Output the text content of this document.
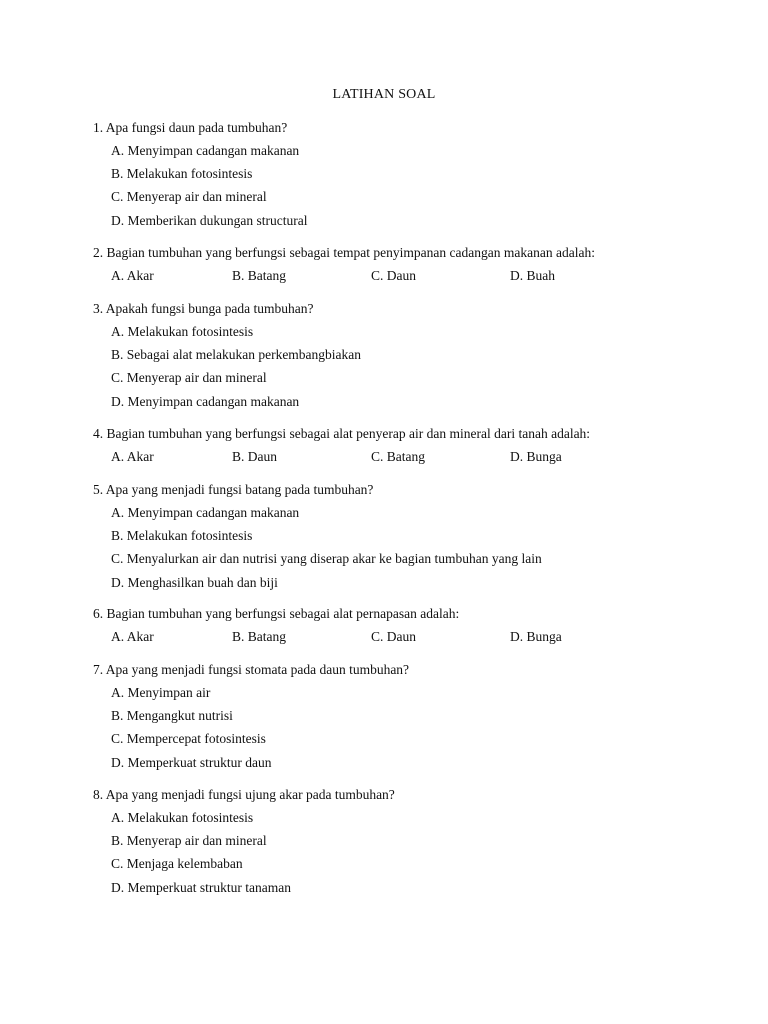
LATIHAN SOAL
1. Apa fungsi daun pada tumbuhan?
A. Menyimpan cadangan makanan
B. Melakukan fotosintesis
C. Menyerap air dan mineral
D. Memberikan dukungan structural
2. Bagian tumbuhan yang berfungsi sebagai tempat penyimpanan cadangan makanan adalah:
A. Akar	B. Batang	C. Daun	D. Buah
3. Apakah fungsi bunga pada tumbuhan?
A. Melakukan fotosintesis
B. Sebagai alat melakukan perkembangbiakan
C. Menyerap air dan mineral
D. Menyimpan cadangan makanan
4. Bagian tumbuhan yang berfungsi sebagai alat penyerap air dan mineral dari tanah adalah:
A. Akar	B. Daun	C. Batang	D. Bunga
5. Apa yang menjadi fungsi batang pada tumbuhan?
A. Menyimpan cadangan makanan
B. Melakukan fotosintesis
C. Menyalurkan air dan nutrisi yang diserap akar ke bagian tumbuhan yang lain
D. Menghasilkan buah dan biji
6. Bagian tumbuhan yang berfungsi sebagai alat pernapasan adalah:
A. Akar	B. Batang	C. Daun	D. Bunga
7. Apa yang menjadi fungsi stomata pada daun tumbuhan?
A. Menyimpan air
B. Mengangkut nutrisi
C. Mempercepat fotosintesis
D. Memperkuat struktur daun
8. Apa yang menjadi fungsi ujung akar pada tumbuhan?
A. Melakukan fotosintesis
B. Menyerap air dan mineral
C. Menjaga kelembaban
D. Memperkuat struktur tanaman
